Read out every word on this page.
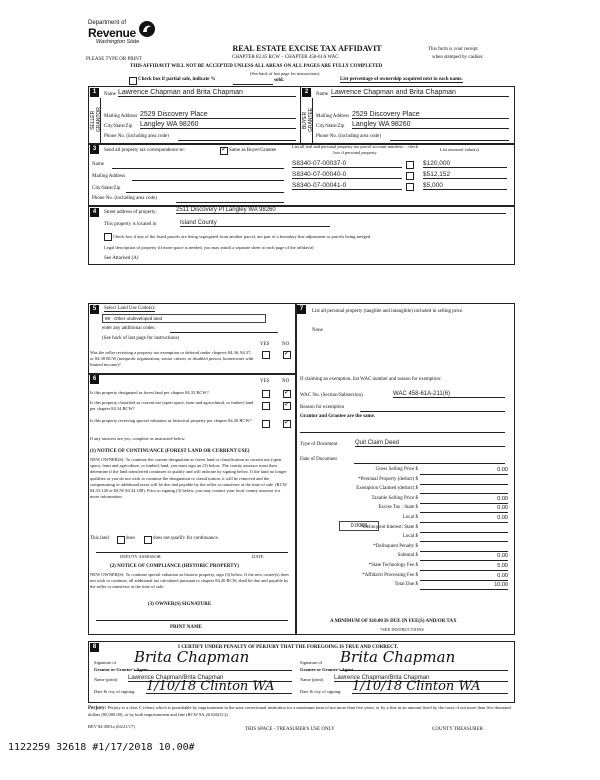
Department of
Revenue
Washington State
REAL ESTATE EXCISE TAX AFFIDAVIT
PLEASE TYPE OR PRINT	CHAPTER 82.45 RCW – CHAPTER 458-61A WAC
This form is your receipt
when stamped by cashier.
THIS AFFIDAVIT WILL NOT BE ACCEPTED UNLESS ALL AREAS ON ALL PAGES ARE FULLY COMPLETED
(See back of last page for instructions)
Check box if partial sale, indicate %	sold.	List percentage of ownership acquired next to each name.
1
SELLER GRANTOR
Name Lawrence Chapman and Brita Chapman
Mailing Address 2529 Discovery Place
City/State/Zip Langley WA 98260
Phone No. (including area code)
2
BUYER GRANTEE
Name Lawrence Chapman and Brita Chapman
Mailing Address 2529 Discovery Place
City/State/Zip Langley WA 98260
Phone No. (including area code)
3	Send all property tax correspondence to: ✓	Same as Buyer/Grantee
Name
Mailing Address
City/State/Zip
Phone No. (including area code)
List all real and personal property tax parcel account numbers – check box if personal property
List assessed value(s)
S8340-07-00037-0	$120,000
S8340-07-00040-0	$512,152
S8340-07-00041-0	$5,000
4	Street address of property:	2511 Discovery Pl Langley WA 98260
This property is located in	Island County
Check box if any of the listed parcels are being segregated from another parcel, are part of a boundary line adjustment or parcels being merged.
Legal description of property (if more space is needed, you may attach a separate sheet to each page of the affidavit)
See Attached (A)
5	Select Land Use Code(s):
99 - Other undeveloped land
enter any additional codes:
(See back of last page for instructions)
YES	NO
Was the seller receiving a property tax exemption or deferral under chapters 84.36, 84.37, or 84.38 RCW (nonprofit organization, senior citizen, or disabled person, homeowner with limited income)?
✓
6	YES	NO
Is this property designated as forest land per chapter 84.33 RCW?
✓
Is this property classified as current use (open space, farm and agricultural, or timber) land per chapter 84.34 RCW?
✓
Is this property receiving special valuation as historical property per chapter 84.26 RCW?
✓
If any answers are yes, complete as instructed below.
(1) NOTICE OF CONTINUANCE (FOREST LAND OR CURRENT USE)
NEW OWNER(S): To continue the current designation as forest land or classification as current use (open space, farm and agriculture, or timber) land, you must sign on (3) below. The county assessor must then determine if the land transferred continues to qualify and will indicate by signing below. If the land no longer qualifies or you do not wish to continue the designation or classification, it will be removed and the compensating or additional taxes will be due and payable by the seller or transferor at the time of sale. (RCW 84.33.140 or RCW 84.34.108). Prior to signing (3) below, you may contact your local county assessor for more information.
This land	does	does not qualify for continuance.
DEPUTY ASSESSOR	DATE
(2) NOTICE OF COMPLIANCE (HISTORIC PROPERTY)
NEW OWNER(S): To continue special valuation as historic property, sign (3) below. If the new owner(s) does not wish to continue, all additional tax calculated pursuant to chapter 84.26 RCW, shall be due and payable by the seller or transferor at the time of sale.
(3) OWNER(S) SIGNATURE
PRINT NAME
7	List all personal property (tangible and intangible) included in selling price.
None
If claiming an exemption, list WAC number and reason for exemption:
WAC No. (Section/Subsection)	WAC 458-61A-211(6)
Reason for exemption
Grantor and Grantee are the same.
Type of Document	Quit Claim Deed
Date of Document
Gross Selling Price $	0.00
*Personal Property (deduct) $
Exemption Claimed (deduct) $
Taxable Selling Price $	0.00
Excise Tax : State $	0.00
Local $	0.00
*Delinquent Interest: State $
Local $
*Delinquent Penalty $
Subtotal $	0.00
*State Technology Fee $	5.00
*Affidavit Processing Fee $	0.00
Total Due $	10.00
0.0050
A MINIMUM OF $10.00 IS DUE IN FEE(S) AND/OR TAX
*SEE INSTRUCTIONS
8	I CERTIFY UNDER PENALTY OF PERJURY THAT THE FOREGOING IS TRUE AND CORRECT.
Signature of
Grantor or Grantor's Agent
Brita Chapman
Name (print) Lawrence Chapman/Brita Chapman
Date & city of signing: 1/10/18 Clinton WA
Signature of
Grantee or Grantee's Agent
Brita Chapman
Name (print) Lawrence Chapman/Brita Chapman
Date & city of signing: 1/10/18 Clinton WA
Perjury: Perjury is a class C felony which is punishable by imprisonment in the state correctional institution for a maximum term of not more than five years, or by a fine in an amount fixed by the court of not more than five thousand dollars ($5,000.00), or by both imprisonment and fine (RCW 9A.20.020(1C)).
REV 84 0001a (04/21/17)
THIS SPACE - TREASURER'S USE ONLY	COUNTY TREASURER
1122259 32618 #1/17/2018 10.00#
